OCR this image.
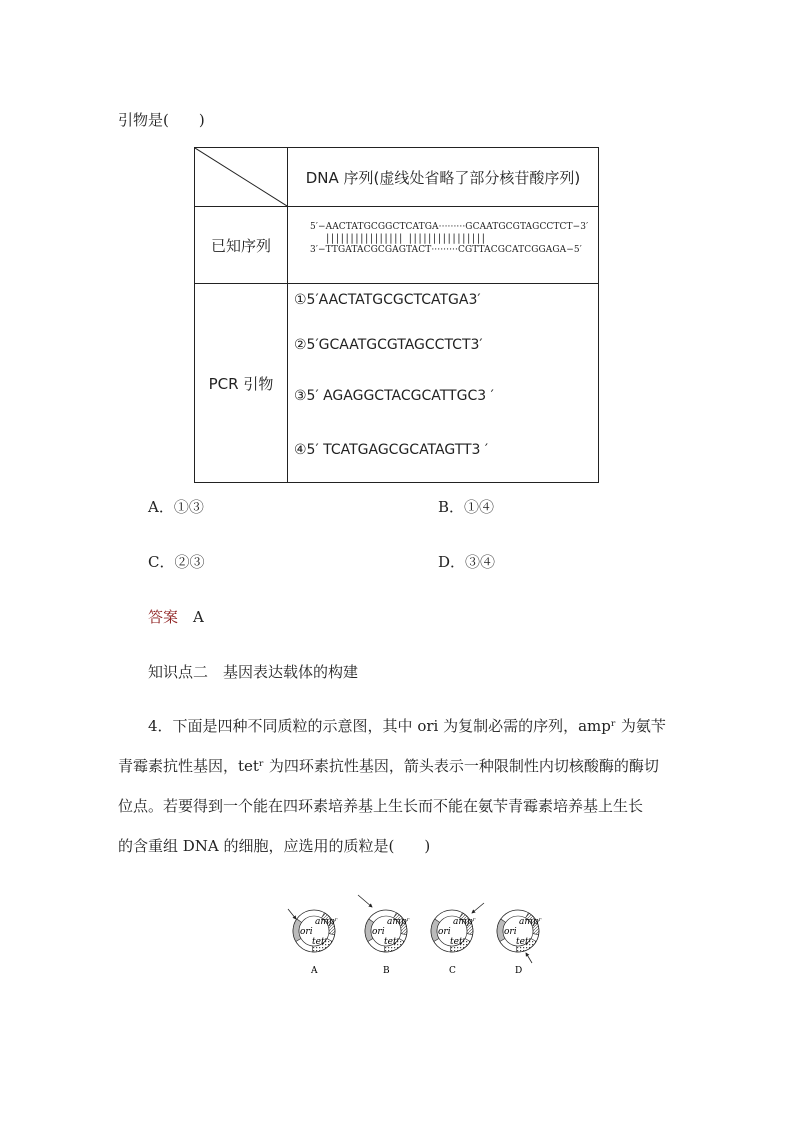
引物是(　　)
	DNA 序列(虚线处省略了部分核苷酸序列)
已知序列	5′−AACTATGCGGCTCATGA·········GCAATGCGTAGCCTCT−3′
|||||||||||||||| ||||||||||||||||
3′−TTGATACGCGAGTACT·········CGTTACGCATCGGAGA−5′

PCR 引物	①5′AACTATGCGCTCATGA3′
②5′GCAATGCGTAGCCTCT3′
③5′ AGAGGCTACGCATTGC3 ′
④5′ TCATGAGCGCATAGTT3 ′
A．①③	B．①④
C．②③	D．③④
答案　 A
知识点二　基因表达载体的构建
4．下面是四种不同质粒的示意图，其中 ori 为复制必需的序列，ampʳ 为氨苄
青霉素抗性基因，tetʳ 为四环素抗性基因，箭头表示一种限制性内切核酸酶的酶切
位点。若要得到一个能在四环素培养基上生长而不能在氨苄青霉素培养基上生长
的含重组 DNA 的细胞，应选用的质粒是(　　)
ampʳ
ori
tetʳ
A
ampʳ
ori
tetʳ
B
ampʳ
ori
tetʳ
C
ampʳ
ori
tetʳ
D
